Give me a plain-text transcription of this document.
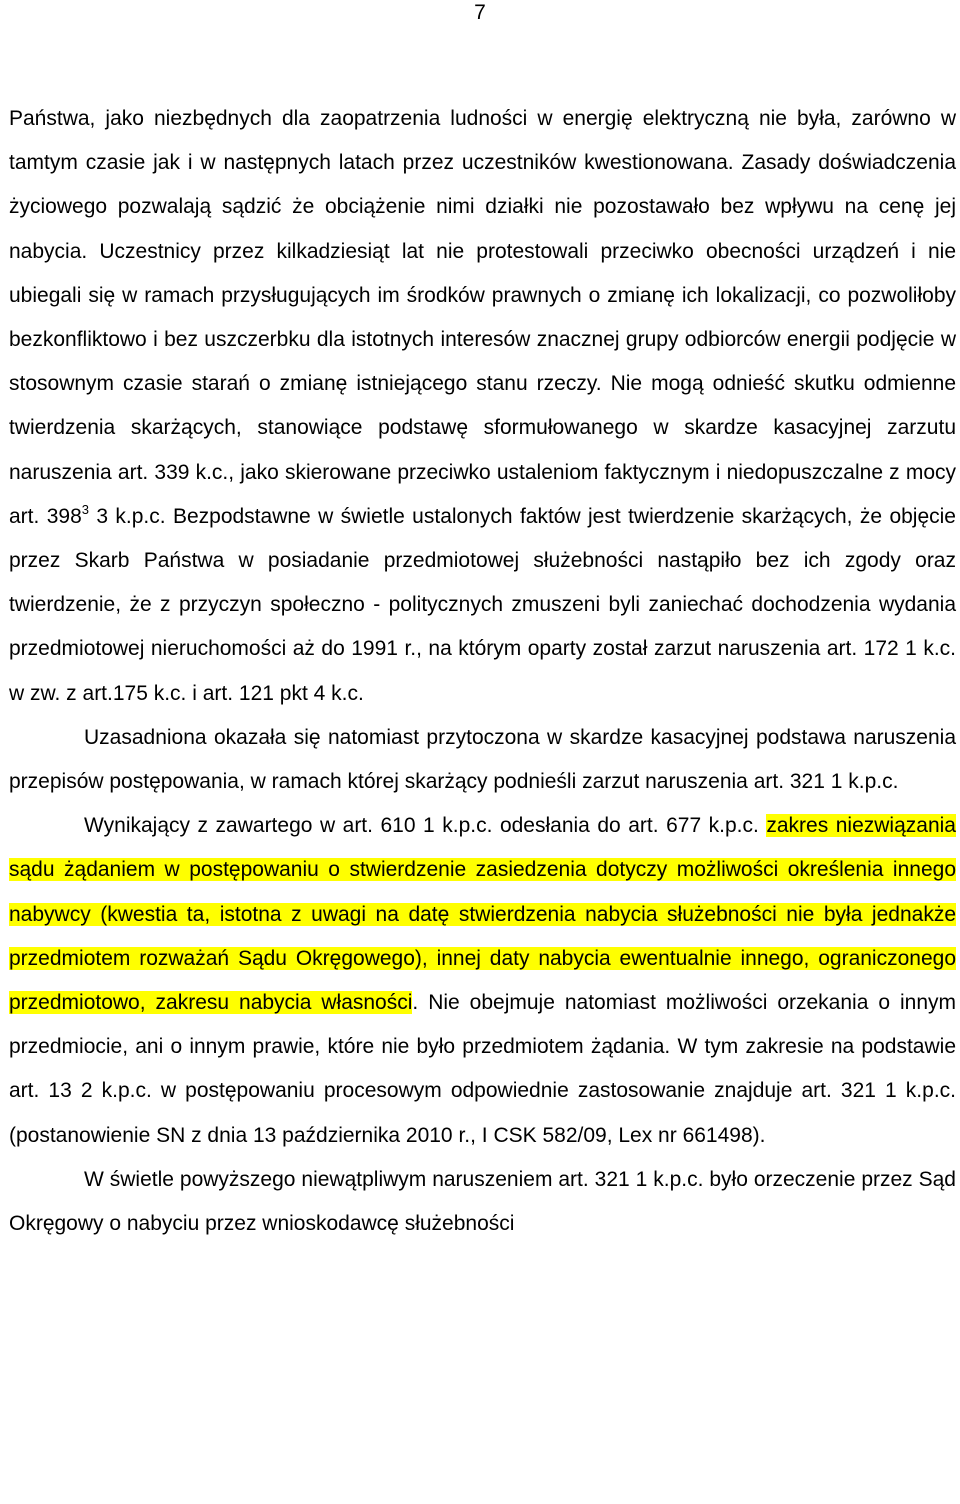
7

Państwa, jako niezbędnych dla zaopatrzenia ludności w energię elektryczną nie była, zarówno w tamtym czasie jak i w następnych latach przez uczestników kwestionowana. Zasady doświadczenia życiowego pozwalają sądzić że obciążenie nimi działki nie pozostawało bez wpływu na cenę jej nabycia. Uczestnicy przez kilkadziesiąt lat nie protestowali przeciwko obecności urządzeń i nie ubiegali się w ramach przysługujących im środków prawnych o zmianę ich lokalizacji, co pozwoliłoby bezkonfliktowo i bez uszczerbku dla istotnych interesów znacznej grupy odbiorców energii podjęcie w stosownym czasie starań o zmianę istniejącego stanu rzeczy. Nie mogą odnieść skutku odmienne twierdzenia skarżących, stanowiące podstawę sformułowanego w skardze kasacyjnej zarzutu naruszenia art. 339 k.c., jako skierowane przeciwko ustaleniom faktycznym i niedopuszczalne z mocy art. $398^3$ 3 k.p.c. Bezpodstawne w świetle ustalonych faktów jest twierdzenie skarżących, że objęcie przez Skarb Państwa w posiadanie przedmiotowej służebności nastąpiło bez ich zgody oraz twierdzenie, że z przyczyn społeczno - politycznych zmuszeni byli zaniechać dochodzenia wydania przedmiotowej nieruchomości aż do 1991 r., na którym oparty został zarzut naruszenia art. 172 1 k.c. w zw. z art.175 k.c. i art. 121 pkt 4 k.c.

Uzasadniona okazała się natomiast przytoczona w skardze kasacyjnej podstawa naruszenia przepisów postępowania, w ramach której skarżący podnieśli zarzut naruszenia art. 321 1 k.p.c.

Wynikający z zawartego w art. 610 1 k.p.c. odesłania do art. 677 k.p.c. zakres niezwiązania sądu żądaniem w postępowaniu o stwierdzenie zasiedzenia dotyczy możliwości określenia innego nabywcy (kwestia ta, istotna z uwagi na datę stwierdzenia nabycia służebności nie była jednakże przedmiotem rozważań Sądu Okręgowego), innej daty nabycia ewentualnie innego, ograniczonego przedmiotowo, zakresu nabycia własności. Nie obejmuje natomiast możliwości orzekania o innym przedmiocie, ani o innym prawie, które nie było przedmiotem żądania. W tym zakresie na podstawie art. 13 2 k.p.c. w postępowaniu procesowym odpowiednie zastosowanie znajduje art. 321 1 k.p.c. (postanowienie SN z dnia 13 października 2010 r., I CSK 582/09, Lex nr 661498).

W świetle powyższego niewątpliwym naruszeniem art. 321 1 k.p.c. było orzeczenie przez Sąd Okręgowy o nabyciu przez wnioskodawcę służebności
